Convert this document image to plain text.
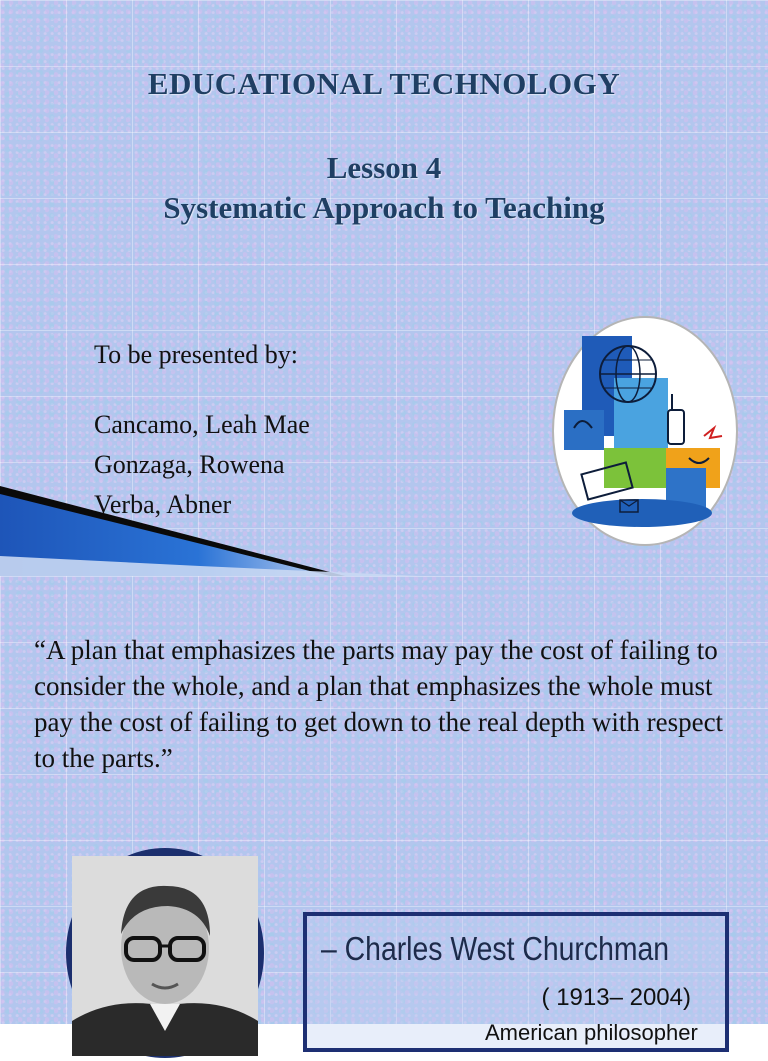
EDUCATIONAL TECHNOLOGY
Lesson 4
Systematic Approach to Teaching
To be presented by:
Cancamo, Leah Mae
Gonzaga, Rowena
Verba, Abner
“A plan that emphasizes the parts may pay the cost of failing to consider the whole, and a plan that emphasizes the whole must pay the cost of failing to get down to the real depth with respect to the parts.”
– Charles West Churchman
( 1913– 2004)
American philosopher
